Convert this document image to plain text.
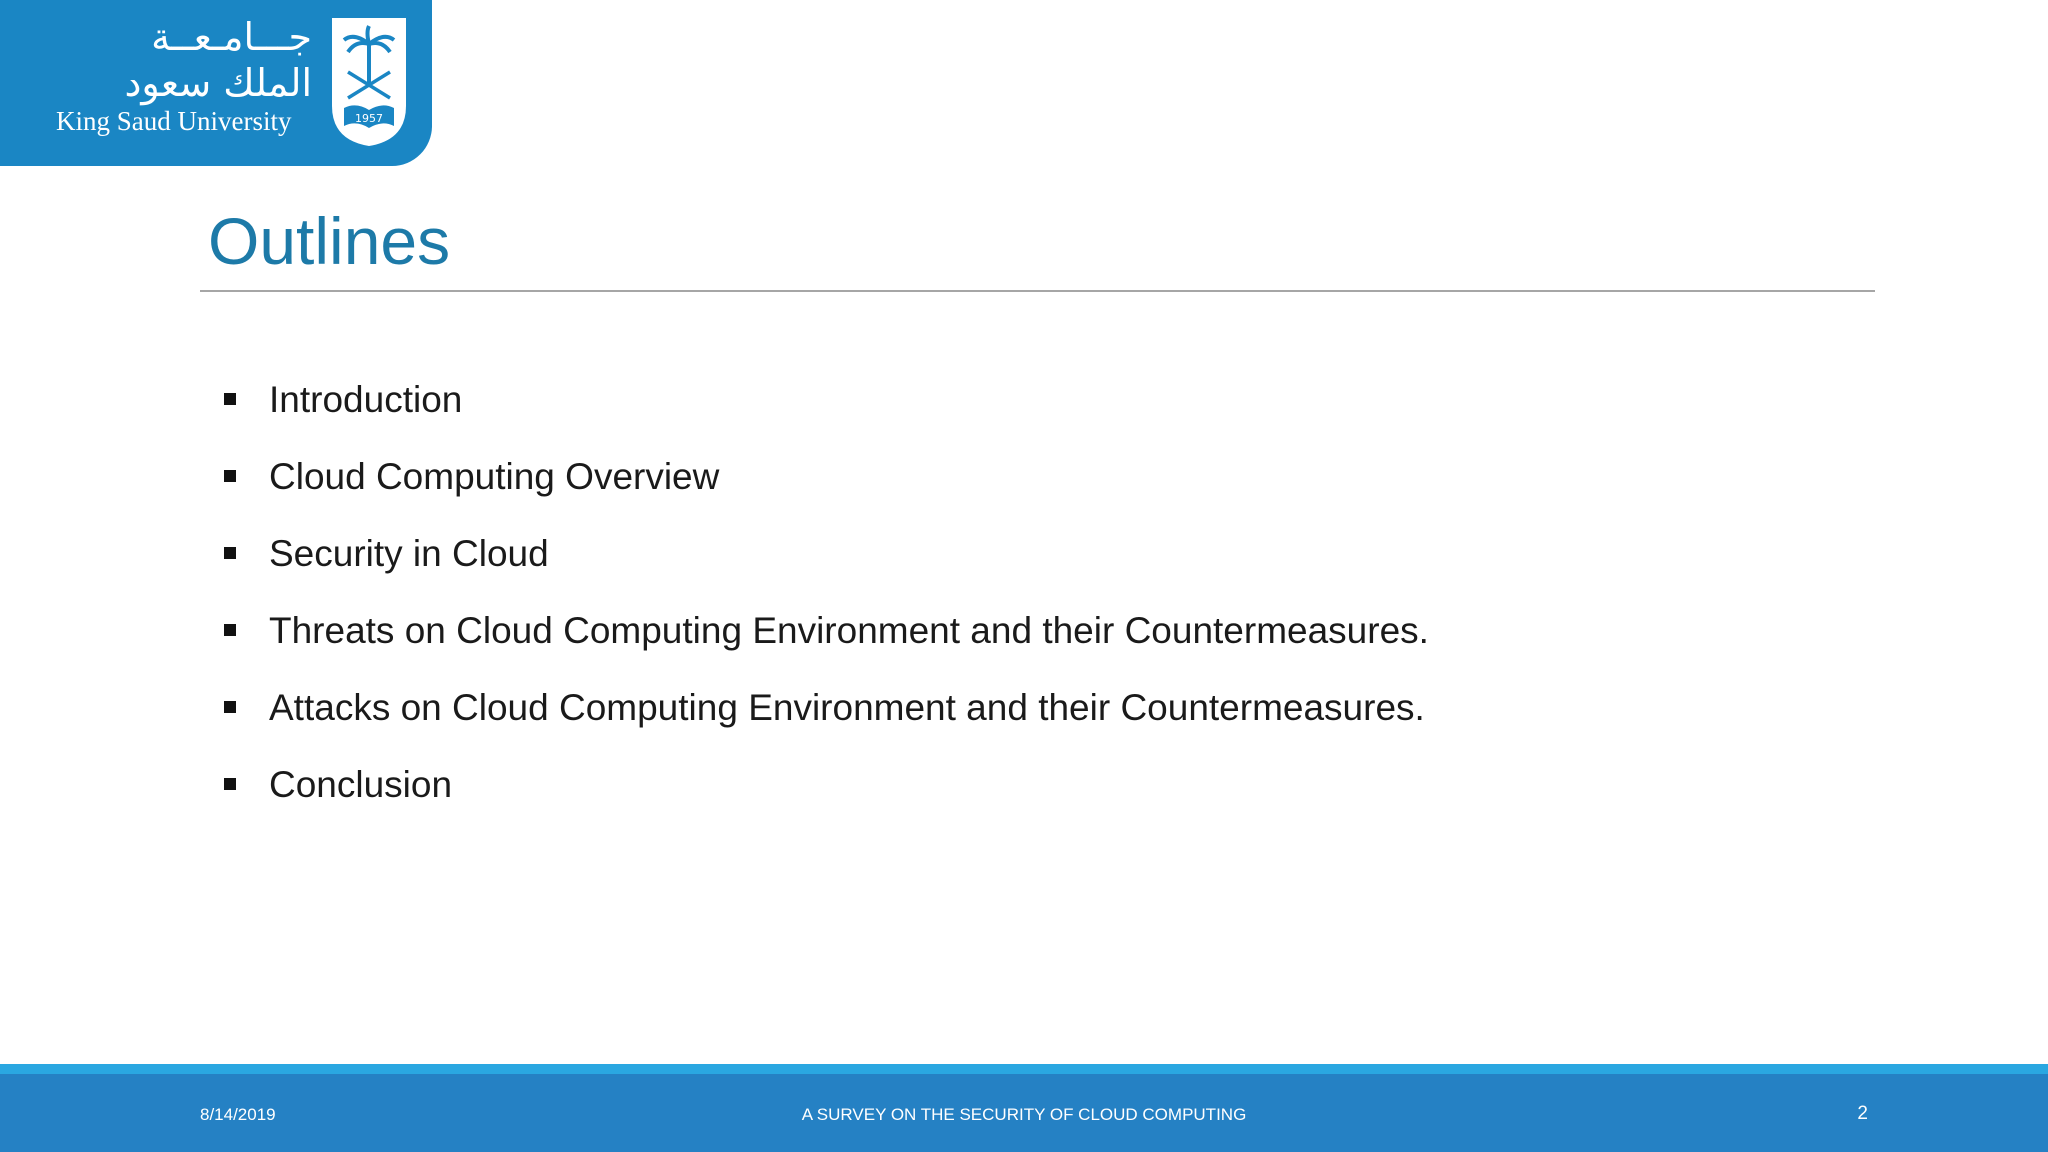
جـــامـعــة
الملك سعود
King Saud University	1957
Outlines
Introduction
Cloud Computing Overview
Security in Cloud
Threats on Cloud Computing Environment and their Countermeasures.
Attacks on Cloud Computing Environment and their Countermeasures.
Conclusion
8/14/2019	A SURVEY ON THE SECURITY OF CLOUD COMPUTING	2
